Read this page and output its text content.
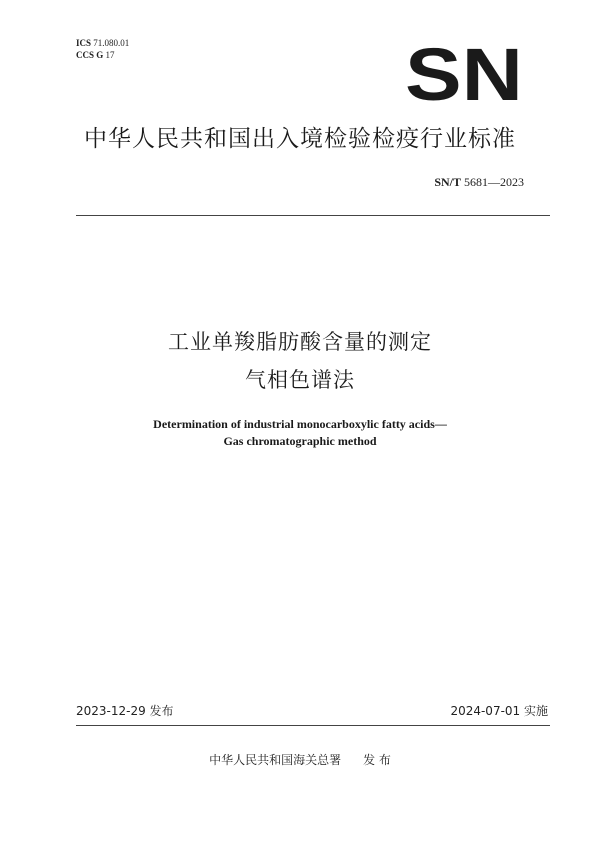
ICS 71.080.01
CCS G 17	SN
中华人民共和国出入境检验检疫行业标准
SN/T 5681—2023
工业单羧脂肪酸含量的测定
气相色谱法
Determination of industrial monocarboxylic fatty acids—
Gas chromatographic method
2023-12-29 发布	2024-07-01 实施
中华人民共和国海关总署 发 布
